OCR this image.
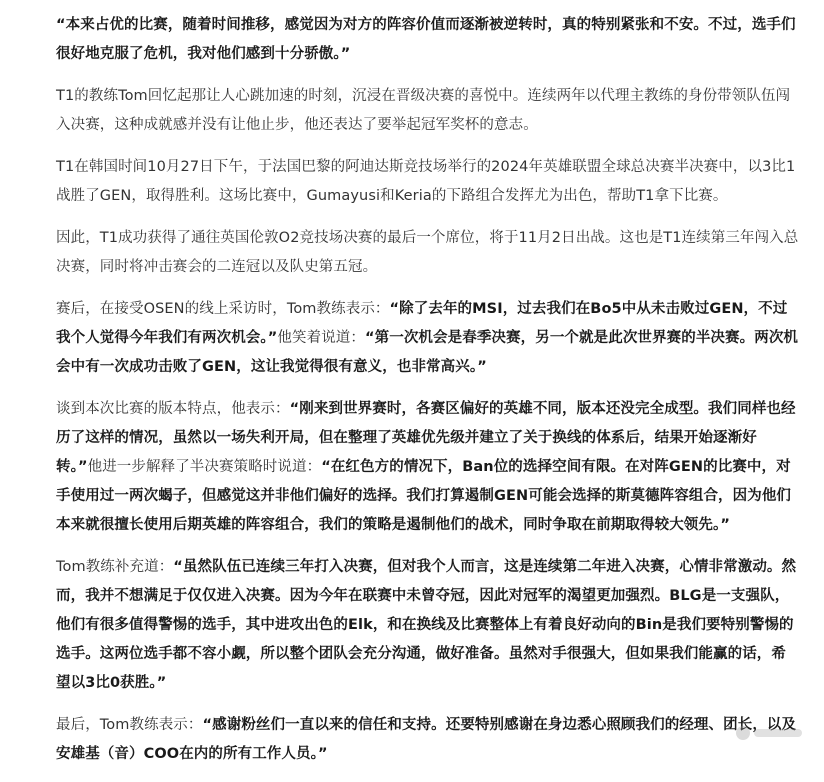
“本来占优的比赛，随着时间推移，感觉因为对方的阵容价值而逐渐被逆转时，真的特别紧张和不安。不过，选手们很好地克服了危机，我对他们感到十分骄傲。”

T1的教练Tom回忆起那让人心跳加速的时刻，沉浸在晋级决赛的喜悦中。连续两年以代理主教练的身份带领队伍闯入决赛，这种成就感并没有让他止步，他还表达了要举起冠军奖杯的意志。

T1在韩国时间10月27日下午，于法国巴黎的阿迪达斯竞技场举行的2024年英雄联盟全球总决赛半决赛中，以3比1战胜了GEN，取得胜利。这场比赛中，Gumayusi和Keria的下路组合发挥尤为出色，帮助T1拿下比赛。

因此，T1成功获得了通往英国伦敦O2竞技场决赛的最后一个席位，将于11月2日出战。这也是T1连续第三年闯入总决赛，同时将冲击赛会的二连冠以及队史第五冠。

赛后，在接受OSEN的线上采访时，Tom教练表示：“除了去年的MSI，过去我们在Bo5中从未击败过GEN，不过我个人觉得今年我们有两次机会。”他笑着说道：“第一次机会是春季决赛，另一个就是此次世界赛的半决赛。两次机会中有一次成功击败了GEN，这让我觉得很有意义，也非常高兴。”

谈到本次比赛的版本特点，他表示：“刚来到世界赛时，各赛区偏好的英雄不同，版本还没完全成型。我们同样也经历了这样的情况，虽然以一场失利开局，但在整理了英雄优先级并建立了关于换线的体系后，结果开始逐渐好转。”他进一步解释了半决赛策略时说道：“在红色方的情况下，Ban位的选择空间有限。在对阵GEN的比赛中，对手使用过一两次蝎子，但感觉这并非他们偏好的选择。我们打算遏制GEN可能会选择的斯莫德阵容组合，因为他们本来就很擅长使用后期英雄的阵容组合，我们的策略是遏制他们的战术，同时争取在前期取得较大领先。”

Tom教练补充道：“虽然队伍已连续三年打入决赛，但对我个人而言，这是连续第二年进入决赛，心情非常激动。然而，我并不想满足于仅仅进入决赛。因为今年在联赛中未曾夺冠，因此对冠军的渴望更加强烈。BLG是一支强队，他们有很多值得警惕的选手，其中进攻出色的Elk，和在换线及比赛整体上有着良好动向的Bin是我们要特别警惕的选手。这两位选手都不容小觑，所以整个团队会充分沟通，做好准备。虽然对手很强大，但如果我们能赢的话，希望以3比0获胜。”

最后，Tom教练表示：“感谢粉丝们一直以来的信任和支持。还要特别感谢在身边悉心照顾我们的经理、团长，以及安雄基（音）COO在内的所有工作人员。”
